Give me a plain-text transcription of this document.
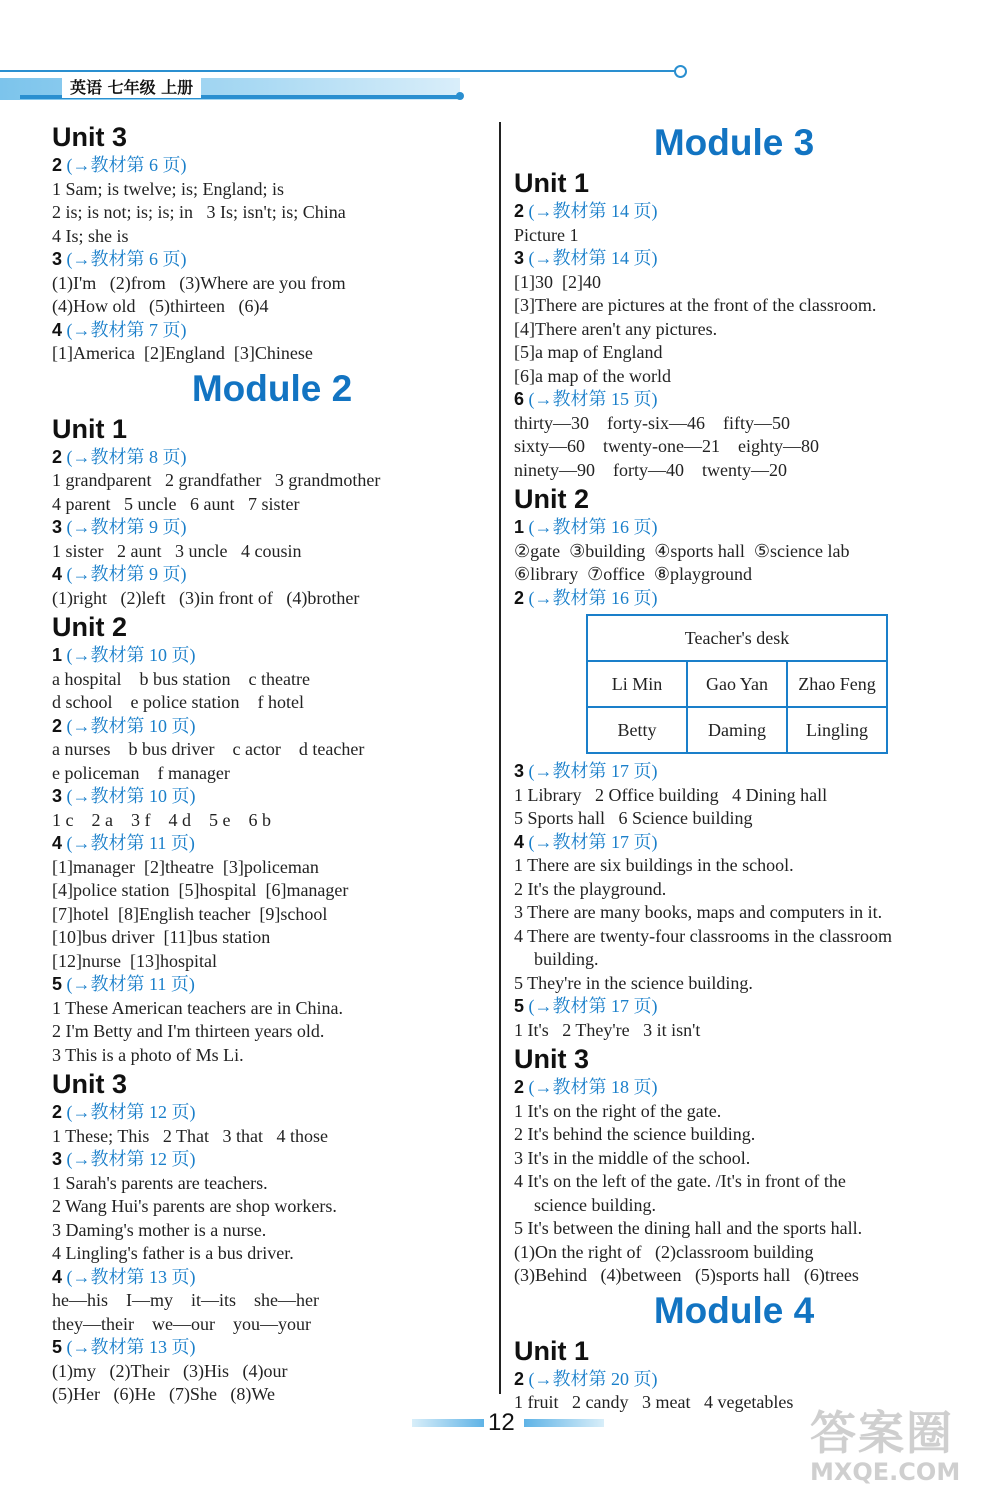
英语 七年级 上册
Unit 3
2 (→教材第 6 页)
1 Sam; is twelve; is; England; is
2 is; is not; is; is; in   3 Is; isn't; is; China
4 Is; she is
3 (→教材第 6 页)
(1)I'm   (2)from   (3)Where are you from
(4)How old   (5)thirteen   (6)4
4 (→教材第 7 页)
[1]America  [2]England  [3]Chinese
Module 2
Unit 1
2 (→教材第 8 页)
1 grandparent   2 grandfather   3 grandmother
4 parent   5 uncle   6 aunt   7 sister
3 (→教材第 9 页)
1 sister   2 aunt   3 uncle   4 cousin
4 (→教材第 9 页)
(1)right   (2)left   (3)in front of   (4)brother
Unit 2
1 (→教材第 10 页)
a hospital    b bus station    c theatre
d school    e police station    f hotel
2 (→教材第 10 页)
a nurses    b bus driver    c actor    d teacher
e policeman    f manager
3 (→教材第 10 页)
1 c    2 a    3 f    4 d    5 e    6 b
4 (→教材第 11 页)
[1]manager  [2]theatre  [3]policeman
[4]police station  [5]hospital  [6]manager
[7]hotel  [8]English teacher  [9]school
[10]bus driver  [11]bus station
[12]nurse  [13]hospital
5 (→教材第 11 页)
1 These American teachers are in China.
2 I'm Betty and I'm thirteen years old.
3 This is a photo of Ms Li.
Unit 3
2 (→教材第 12 页)
1 These; This   2 That   3 that   4 those
3 (→教材第 12 页)
1 Sarah's parents are teachers.
2 Wang Hui's parents are shop workers.
3 Daming's mother is a nurse.
4 Lingling's father is a bus driver.
4 (→教材第 13 页)
he—his    I—my    it—its    she—her
they—their    we—our    you—your
5 (→教材第 13 页)
(1)my   (2)Their   (3)His   (4)our
(5)Her   (6)He   (7)She   (8)We
Module 3
Unit 1
2 (→教材第 14 页)
Picture 1
3 (→教材第 14 页)
[1]30  [2]40
[3]There are pictures at the front of the classroom.
[4]There aren't any pictures.
[5]a map of England
[6]a map of the world
6 (→教材第 15 页)
thirty—30    forty-six—46    fifty—50
sixty—60    twenty-one—21    eighty—80
ninety—90    forty—40    twenty—20
Unit 2
1 (→教材第 16 页)
②gate  ③building  ④sports hall  ⑤science lab
⑥library  ⑦office  ⑧playground
2 (→教材第 16 页)
Teacher's desk		
Li Min	Gao Yan	Zhao Feng
Betty	Daming	Lingling
3 (→教材第 17 页)
1 Library   2 Office building   4 Dining hall
5 Sports hall   6 Science building
4 (→教材第 17 页)
1 There are six buildings in the school.
2 It's the playground.
3 There are many books, maps and computers in it.
4 There are twenty-four classrooms in the classroom
building.
5 They're in the science building.
5 (→教材第 17 页)
1 It's   2 They're   3 it isn't
Unit 3
2 (→教材第 18 页)
1 It's on the right of the gate.
2 It's behind the science building.
3 It's in the middle of the school.
4 It's on the left of the gate. /It's in front of the
science building.
5 It's between the dining hall and the sports hall.
(1)On the right of   (2)classroom building
(3)Behind   (4)between   (5)sports hall   (6)trees
Module 4
Unit 1
2 (→教材第 20 页)
1 fruit   2 candy   3 meat   4 vegetables
12	答案圈
MXQE.COM
